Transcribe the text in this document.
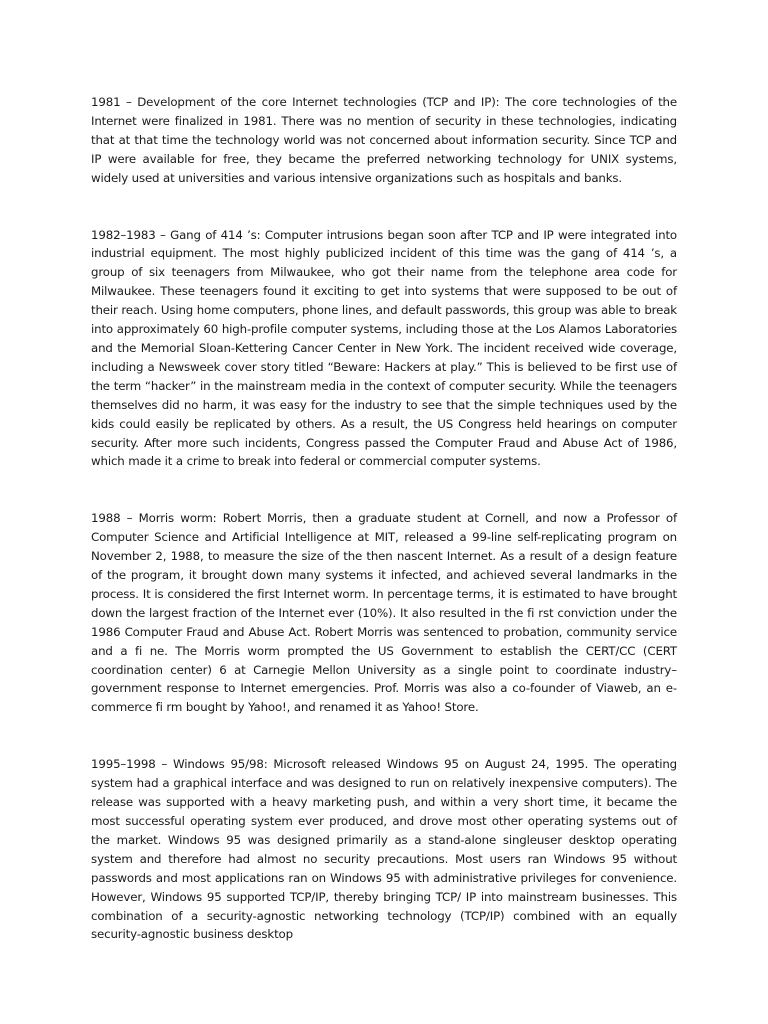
1981 – Development of the core Internet technologies (TCP and IP): The core technologies of the Internet were finalized in 1981. There was no mention of security in these technologies, indicating that at that time the technology world was not concerned about information security. Since TCP and IP were available for free, they became the preferred networking technology for UNIX systems, widely used at universities and various intensive organizations such as hospitals and banks.

1982–1983 – Gang of 414 ’s: Computer intrusions began soon after TCP and IP were integrated into industrial equipment. The most highly publicized incident of this time was the gang of 414 ’s, a group of six teenagers from Milwaukee, who got their name from the telephone area code for Milwaukee. These teenagers found it exciting to get into systems that were supposed to be out of their reach. Using home computers, phone lines, and default passwords, this group was able to break into approximately 60 high-profile computer systems, including those at the Los Alamos Laboratories and the Memorial Sloan-Kettering Cancer Center in New York. The incident received wide coverage, including a Newsweek cover story titled “Beware: Hackers at play.” This is believed to be first use of the term “hacker” in the mainstream media in the context of computer security. While the teenagers themselves did no harm, it was easy for the industry to see that the simple techniques used by the kids could easily be replicated by others. As a result, the US Congress held hearings on computer security. After more such incidents, Congress passed the Computer Fraud and Abuse Act of 1986, which made it a crime to break into federal or commercial computer systems.

1988 – Morris worm: Robert Morris, then a graduate student at Cornell, and now a Professor of Computer Science and Artificial Intelligence at MIT, released a 99-line self-replicating program on November 2, 1988, to measure the size of the then nascent Internet. As a result of a design feature of the program, it brought down many systems it infected, and achieved several landmarks in the process. It is considered the first Internet worm. In percentage terms, it is estimated to have brought down the largest fraction of the Internet ever (10%). It also resulted in the fi rst conviction under the 1986 Computer Fraud and Abuse Act. Robert Morris was sentenced to probation, community service and a fi ne. The Morris worm prompted the US Government to establish the CERT/CC (CERT coordination center) 6 at Carnegie Mellon University as a single point to coordinate industry–government response to Internet emergencies. Prof. Morris was also a co-founder of Viaweb, an e-commerce fi rm bought by Yahoo!, and renamed it as Yahoo! Store.

1995–1998 – Windows 95/98: Microsoft released Windows 95 on August 24, 1995. The operating system had a graphical interface and was designed to run on relatively inexpensive computers). The release was supported with a heavy marketing push, and within a very short time, it became the most successful operating system ever produced, and drove most other operating systems out of the market. Windows 95 was designed primarily as a stand-alone singleuser desktop operating system and therefore had almost no security precautions. Most users ran Windows 95 without passwords and most applications ran on Windows 95 with administrative privileges for convenience. However, Windows 95 supported TCP/IP, thereby bringing TCP/ IP into mainstream businesses. This combination of a security-agnostic networking technology (TCP/IP) combined with an equally security-agnostic business desktop
